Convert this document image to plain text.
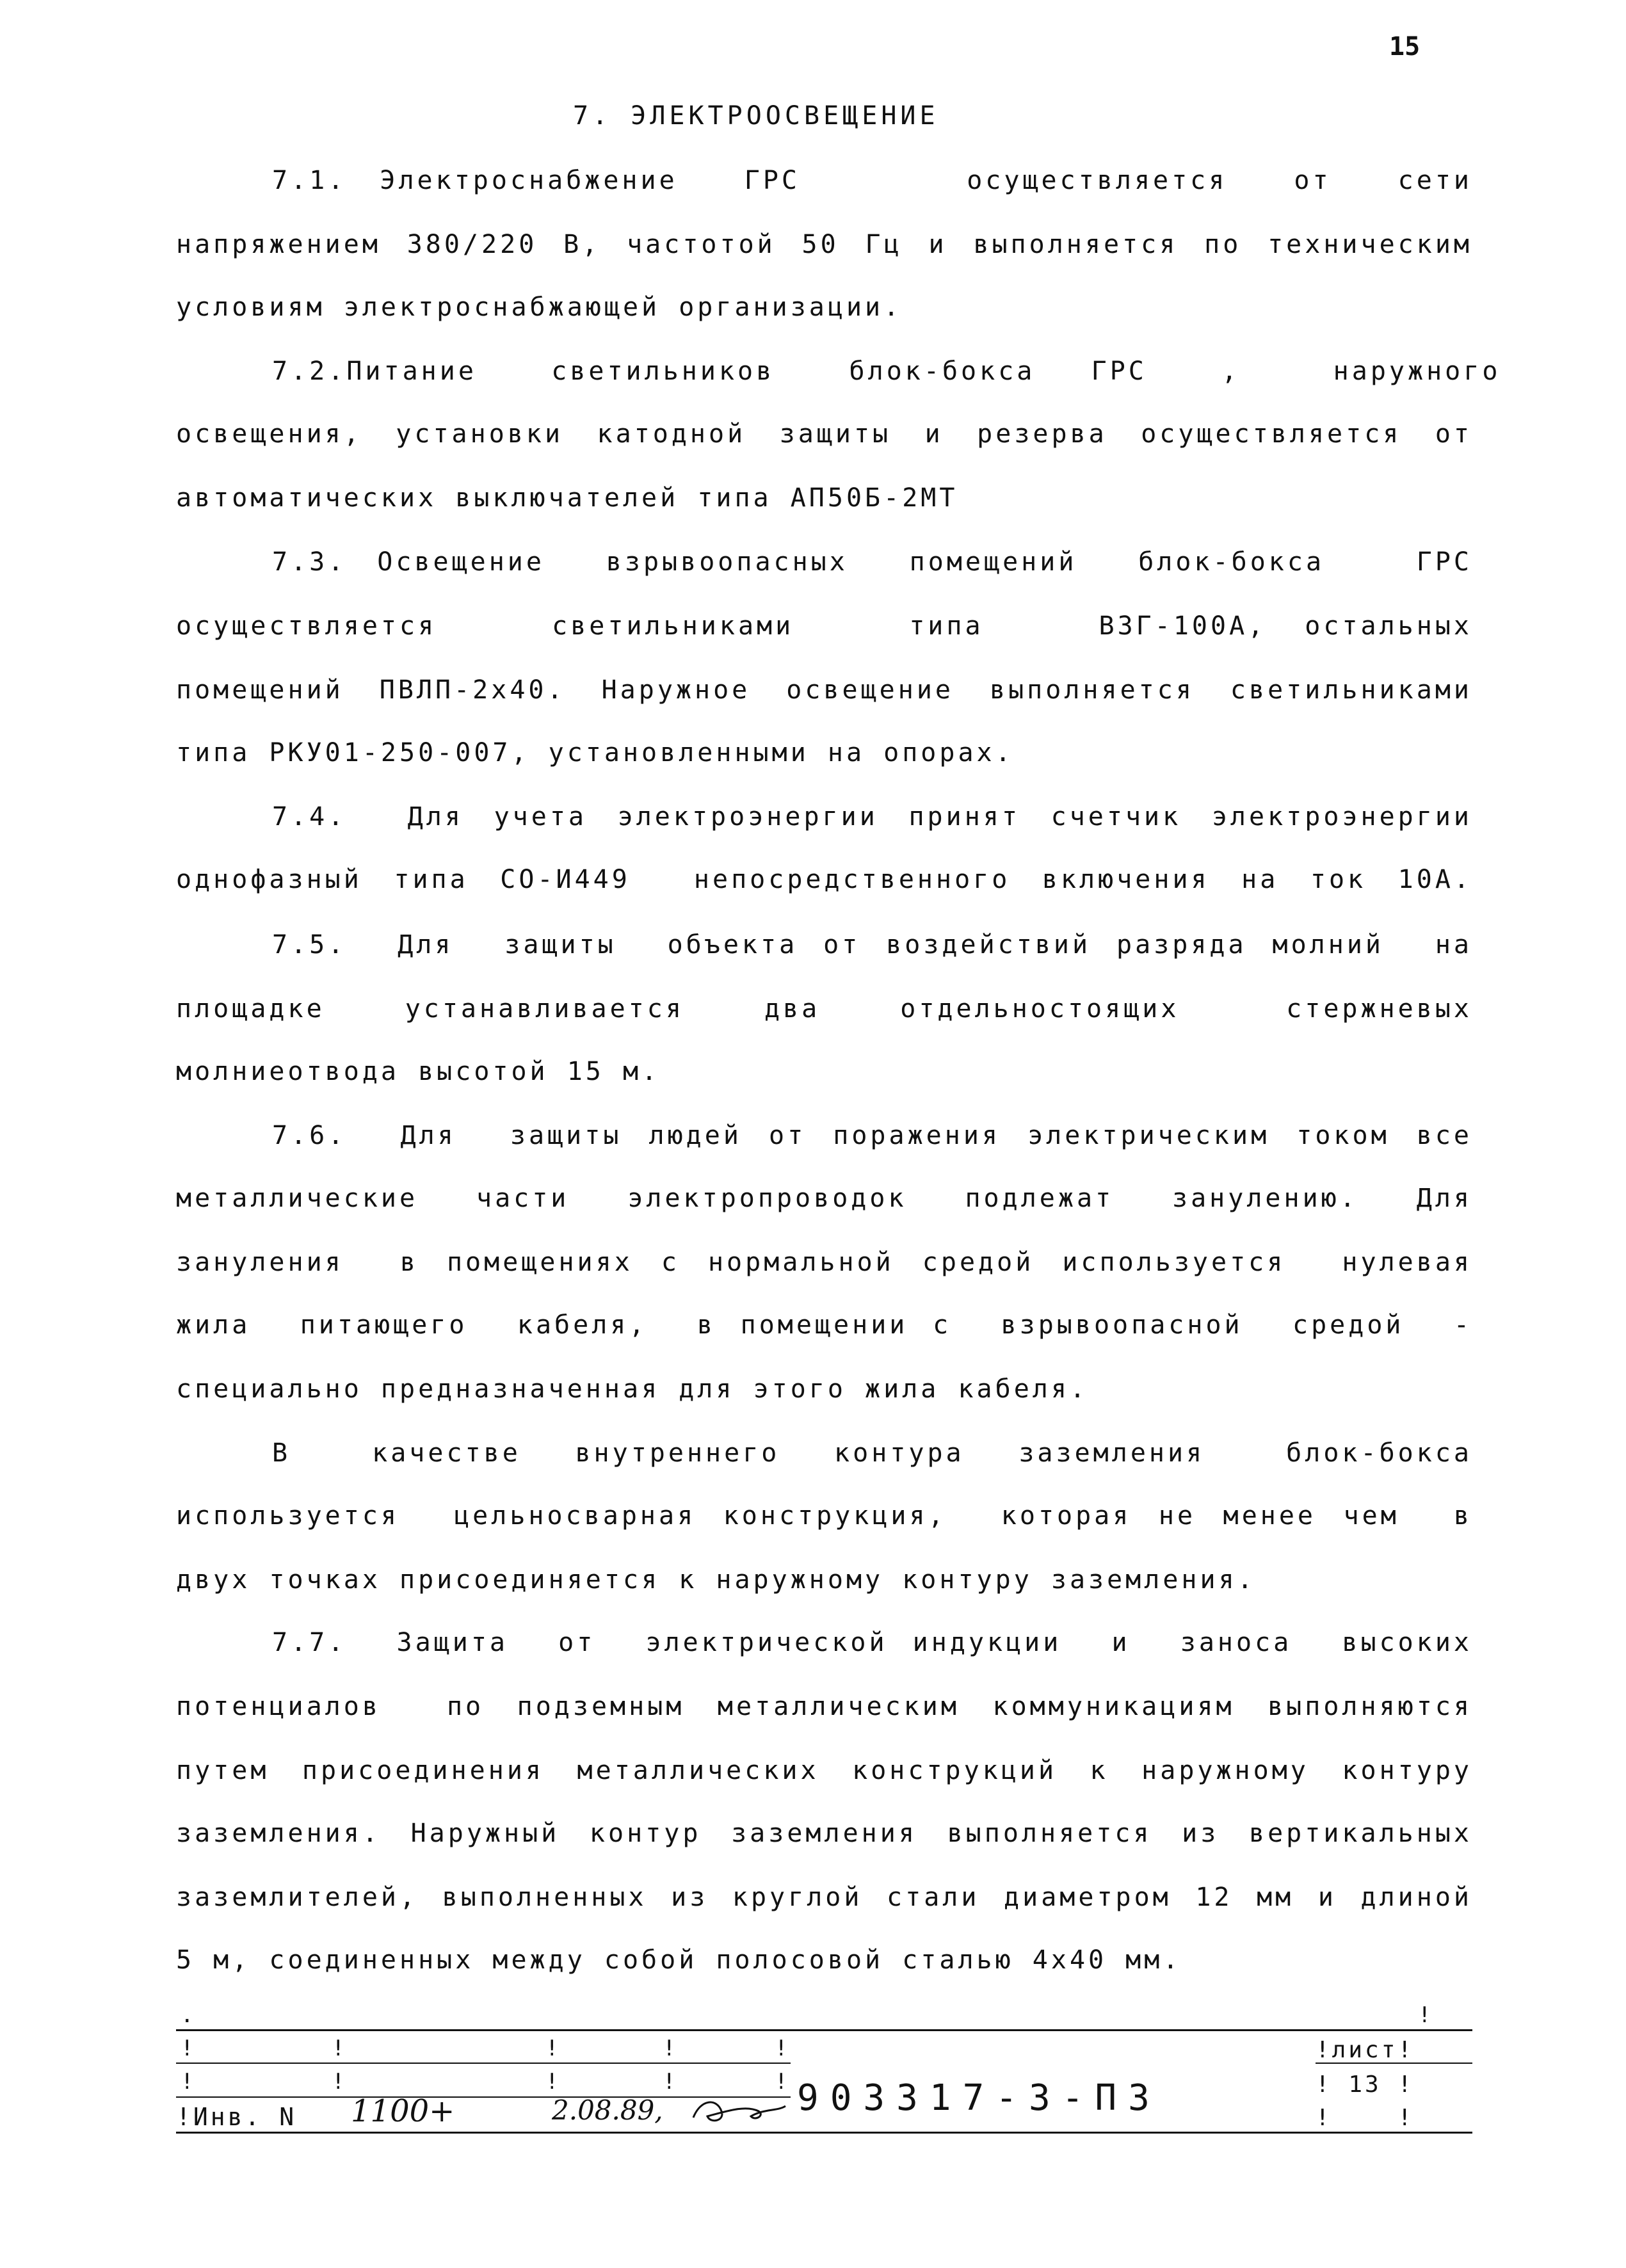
15
7. ЭЛЕКТРООСВЕЩЕНИЕ
7.1. Электроснабжение  ГРС     осуществляется  от  сети
напряжением 380/220 В, частотой 50 Гц и выполняется по техническим
условиям электроснабжающей организации.
7.2.Питание    светильников    блок-бокса   ГРС    ,     наружного
освещения, установки катодной защиты и резерва осуществляется от
автоматических выключателей типа АП50Б-2МТ
7.3. Освещение  взрывоопасных  помещений  блок-бокса   ГРС
осуществляется   светильниками   типа   ВЗГ-100А, остальных
помещений ПВЛП-2х40. Наружное освещение выполняется светильниками
типа РКУ01-250-007, установленными на опорах.
7.4.  Для учета электроэнергии принят счетчик электроэнергии
однофазный типа СО-И449  непосредственного включения на ток 10А.
7.5.  Для  защиты  объекта от воздействий разряда молний  на
площадке   устанавливается   два   отдельностоящих    стержневых
молниеотвода высотой 15 м.
7.6.  Для  защиты людей от поражения электрическим током все
металлические  части  электропроводок  подлежат  занулению.  Для
зануления  в помещениях с нормальной средой используется  нулевая
жила  питающего  кабеля,  в помещении с  взрывоопасной  средой  -
специально предназначенная для этого жила кабеля.
В   качестве  внутреннего  контура  заземления   блок-бокса
используется  цельносварная конструкция,  которая не менее чем  в
двух точках присоединяется к наружному контуру заземления.
7.7.  Защита  от  электрической индукции  и  заноса  высоких
потенциалов  по подземным металлическим коммуникациям выполняются
путем присоединения металлических конструкций к наружному контуру
заземления. Наружный контур заземления выполняется из вертикальных
заземлителей, выполненных из круглой стали диаметром 12 мм и длиной
5 м, соединенных между собой полосовой сталью 4х40 мм.
.	!
!	!	!	!	!
!	!	!	!	!
!Инв. N 1100+	2.08.89,	903317-3-ПЗ
!лист!
! 13 !
!    !
